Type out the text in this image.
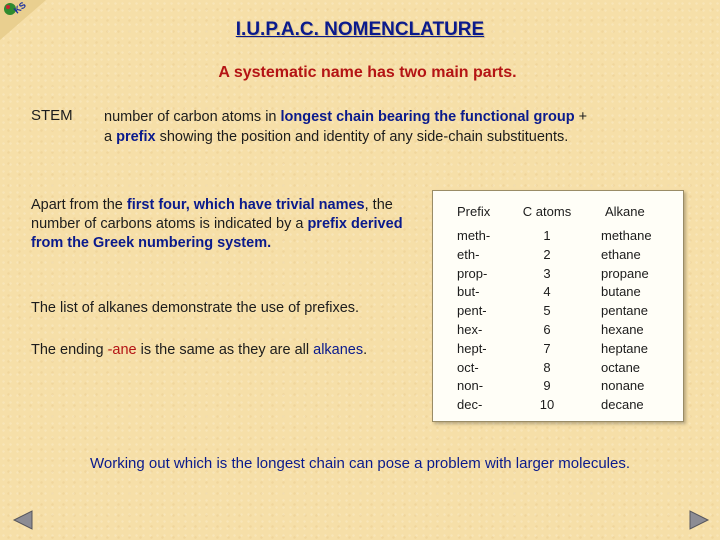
KS
I.U.P.A.C. NOMENCLATURE
A systematic name has two main parts.
STEM number of carbon atoms in longest chain bearing the functional group +
a prefix showing the position and identity of any side-chain substituents.
Apart from the first four, which have trivial names, the number of carbons atoms is indicated by a prefix derived from the Greek numbering system.
The list of alkanes demonstrate the use of prefixes.
The ending -ane is the same as they are all alkanes.
Prefix
meth-
eth-
prop-
but-
pent-
hex-
hept-
oct-
non-
dec-
C atoms
1
2
3
4
5
6
7
8
9
10
Alkane
methane
ethane
propane
butane
pentane
hexane
heptane
octane
nonane
decane
Working out which is the longest chain can pose a problem with larger molecules.
